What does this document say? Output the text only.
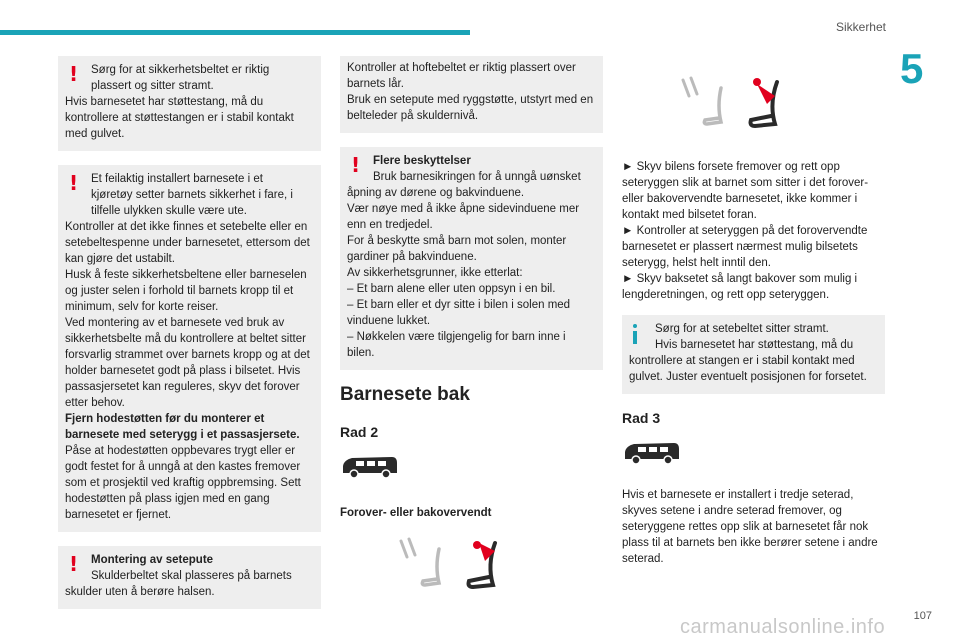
Sikkerhet
5
!	Sørg for at sikkerhetsbeltet er riktig

plassert og sitter stramt.

Hvis barnesetet har støttestang, må du kontrollere at støttestangen er i stabil kontakt med gulvet.

!	Et feilaktig installert barnesete i et

kjøretøy setter barnets sikkerhet i fare, i tilfelle ulykken skulle være ute.

Kontroller at det ikke finnes et setebelte eller en setebeltespenne under barnesetet, ettersom det kan gjøre det ustabilt.

Husk å feste sikkerhetsbeltene eller barneselen og juster selen i forhold til barnets kropp til et minimum, selv for korte reiser.

Ved montering av et barnesete ved bruk av sikkerhetsbelte må du kontrollere at beltet sitter forsvarlig strammet over barnets kropp og at det holder barnesetet godt på plass i bilsetet. Hvis passasjersetet kan reguleres, skyv det forover etter behov.

Fjern hodestøtten før du monterer et barnesete med seterygg i et passasjersete.

Påse at hodestøtten oppbevares trygt eller er godt festet for å unngå at den kastes fremover som et prosjektil ved kraftig oppbremsing. Sett hodestøtten på plass igjen med en gang barnesetet er fjernet.

!	Montering av setepute

Skulderbeltet skal plasseres på barnets skulder uten å berøre halsen.

Kontroller at hoftebeltet er riktig plassert over barnets lår.

Bruk en setepute med ryggstøtte, utstyrt med en belteleder på skuldernivå.

!	Flere beskyttelser

Bruk barnesikringen for å unngå uønsket

åpning av dørene og bakvinduene.

Vær nøye med å ikke åpne sidevinduene mer enn en tredjedel.

For å beskytte små barn mot solen, monter gardiner på bakvinduene.

Av sikkerhetsgrunner, ikke etterlat:

– Et barn alene eller uten oppsyn i en bil.

– Et barn eller et dyr sitte i bilen i solen med vinduene lukket.

– Nøkkelen være tilgjengelig for barn inne i bilen.

Barnesete bak
Rad 2
Forover- eller bakovervendt

► Skyv bilens forsete fremover og rett opp seteryggen slik at barnet som sitter i det forover- eller bakovervendte barnesetet, ikke kommer i kontakt med bilsetet foran.

► Kontroller at seteryggen på det forovervendte barnesetet er plassert nærmest mulig bilsetets seterygg, helst helt inntil den.

► Skyv baksetet så langt bakover som mulig i lengderetningen, og rett opp seteryggen.

Sørg for at setebeltet sitter stramt.

Hvis barnesetet har støttestang, må du kontrollere at stangen er i stabil kontakt med gulvet. Juster eventuelt posisjonen for forsetet.

Rad 3
Hvis et barnesete er installert i tredje seterad, skyves setene i andre seterad fremover, og seteryggene rettes opp slik at barnesetet får nok plass til at barnets ben ikke berører setene i andre seterad.
107
carmanualsonline.info
